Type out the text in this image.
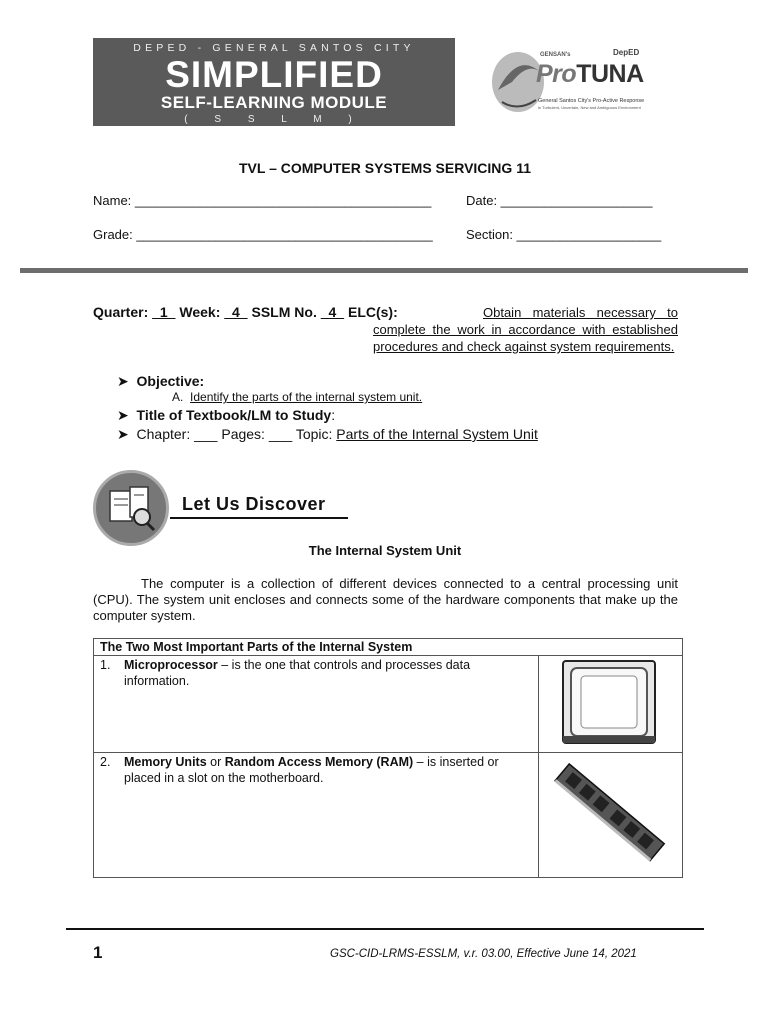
DEPED - GENERAL SANTOS CITY
SIMPLIFIED
SELF-LEARNING MODULE
( S S L M )
GENSAN's
ProTUNA
DepED
General Santos City's Pro-Active Response
in Turbulent, Uncertain, New and Ambiguous Environment
TVL – COMPUTER SYSTEMS SERVICING 11
Name: _________________________________________	Date: _____________________
Grade: _________________________________________	Section: ____________________
Quarter:   1   Week:   4   SSLM No.   4   ELC(s):	Obtain materials necessary to complete the work in accordance with established procedures and check against system requirements.
➤ Objective:
A. Identify the parts of the internal system unit.
➤ Title of Textbook/LM to Study:
➤ Chapter: ___ Pages: ___ Topic: Parts of the Internal System Unit
Let Us Discover
The Internal System Unit
The computer is a collection of different devices connected to a central processing unit (CPU). The system unit encloses and connects some of the hardware components that make up the computer system.
The Two Most Important Parts of the Internal System	

1. Microprocessor – is the one that controls and processes data information.

2. Memory Units or Random Access Memory (RAM) – is inserted or placed in a slot on the motherboard.

1	GSC-CID-LRMS-ESSLM, v.r. 03.00, Effective June 14, 2021
